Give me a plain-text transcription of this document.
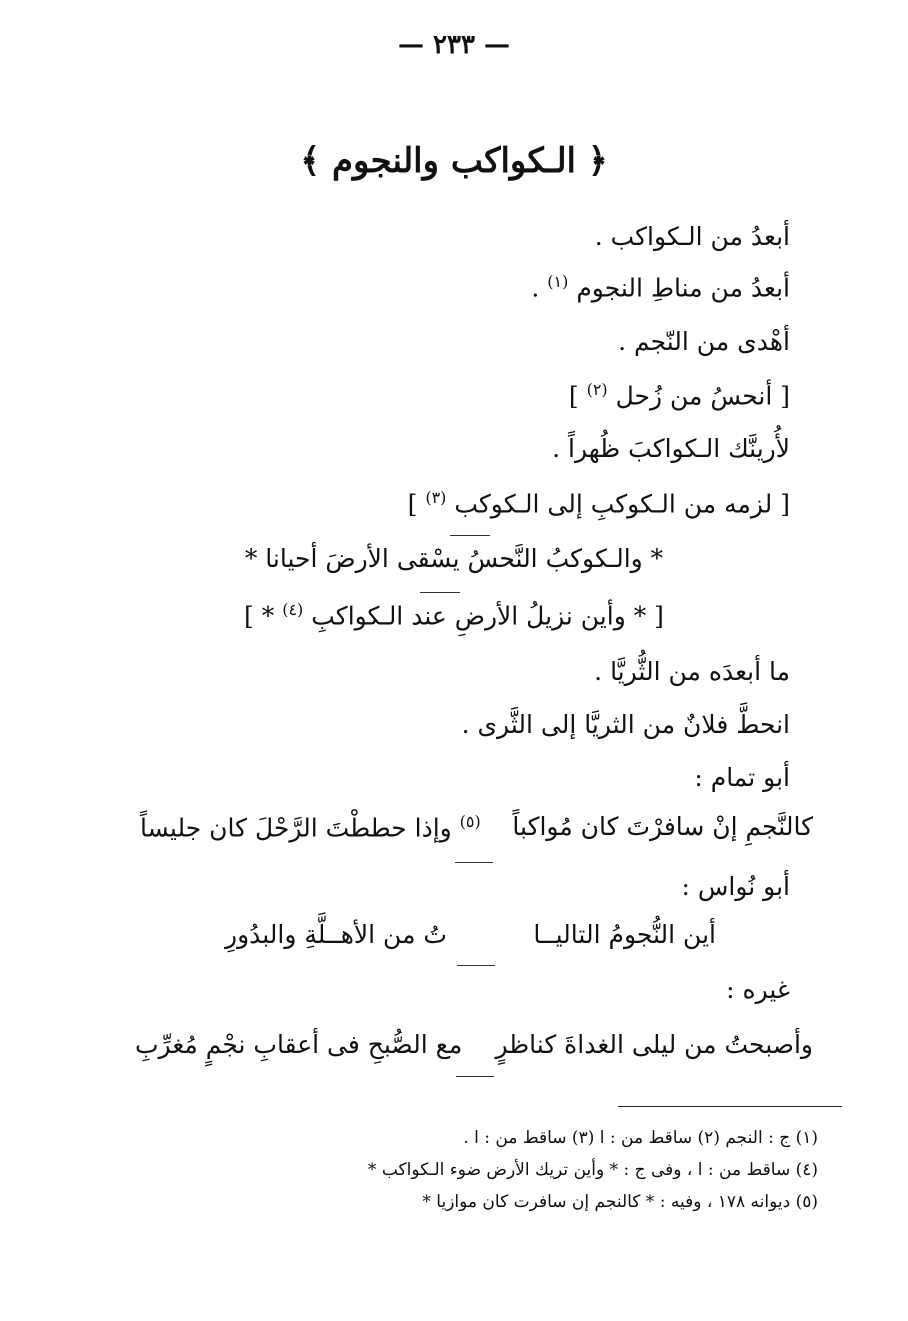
— ٢٣٣ —
﴿ الـكواكب والنجوم ﴾
أبعدُ من الـكواكب .
أبعدُ من مناطِ النجوم $^{(١)}$ .
أهْدى من النّجم .
[ أنحسُ من زُحل $^{(٢)}$ ]
لأُرينَّك الـكواكبَ ظُهراً .
[ لزمه من الـكوكبِ إلى الـكوكب $^{(٣)}$ ]
* والـكوكبُ النَّحسُ يسْقى الأرضَ أحيانا *
[ * وأين نزيلُ الأرضِ عند الـكواكبِ $^{(٤)}$ * ]
ما أبعدَه من الثُّريَّا .
انحطَّ فلانٌ من الثريَّا إلى الثَّرى .
أبو تمام :
كالنَّجمِ إنْ سافرْتَ كان مُواكباً
$^{(٥)}$ وإذا حططْتَ الرَّحْلَ كان جليساً
أبو نُواس :
أين النُّجومُ التاليــا
تُ من الأهــلَّةِ والبدُورِ
غيره :
وأصبحتُ من ليلى الغداةَ كناظرٍ
مع الصُّبحِ فى أعقابِ نجْمٍ مُغرِّبِ
(١) ج : النجم (٢) ساقط من : ا (٣) ساقط من : ا .
(٤) ساقط من : ا ، وفى ج : * وأين تريك الأرض ضوء الـكواكب *
(٥) ديوانه ١٧٨ ، وفيه : * كالنجم إن سافرت كان موازيا *
